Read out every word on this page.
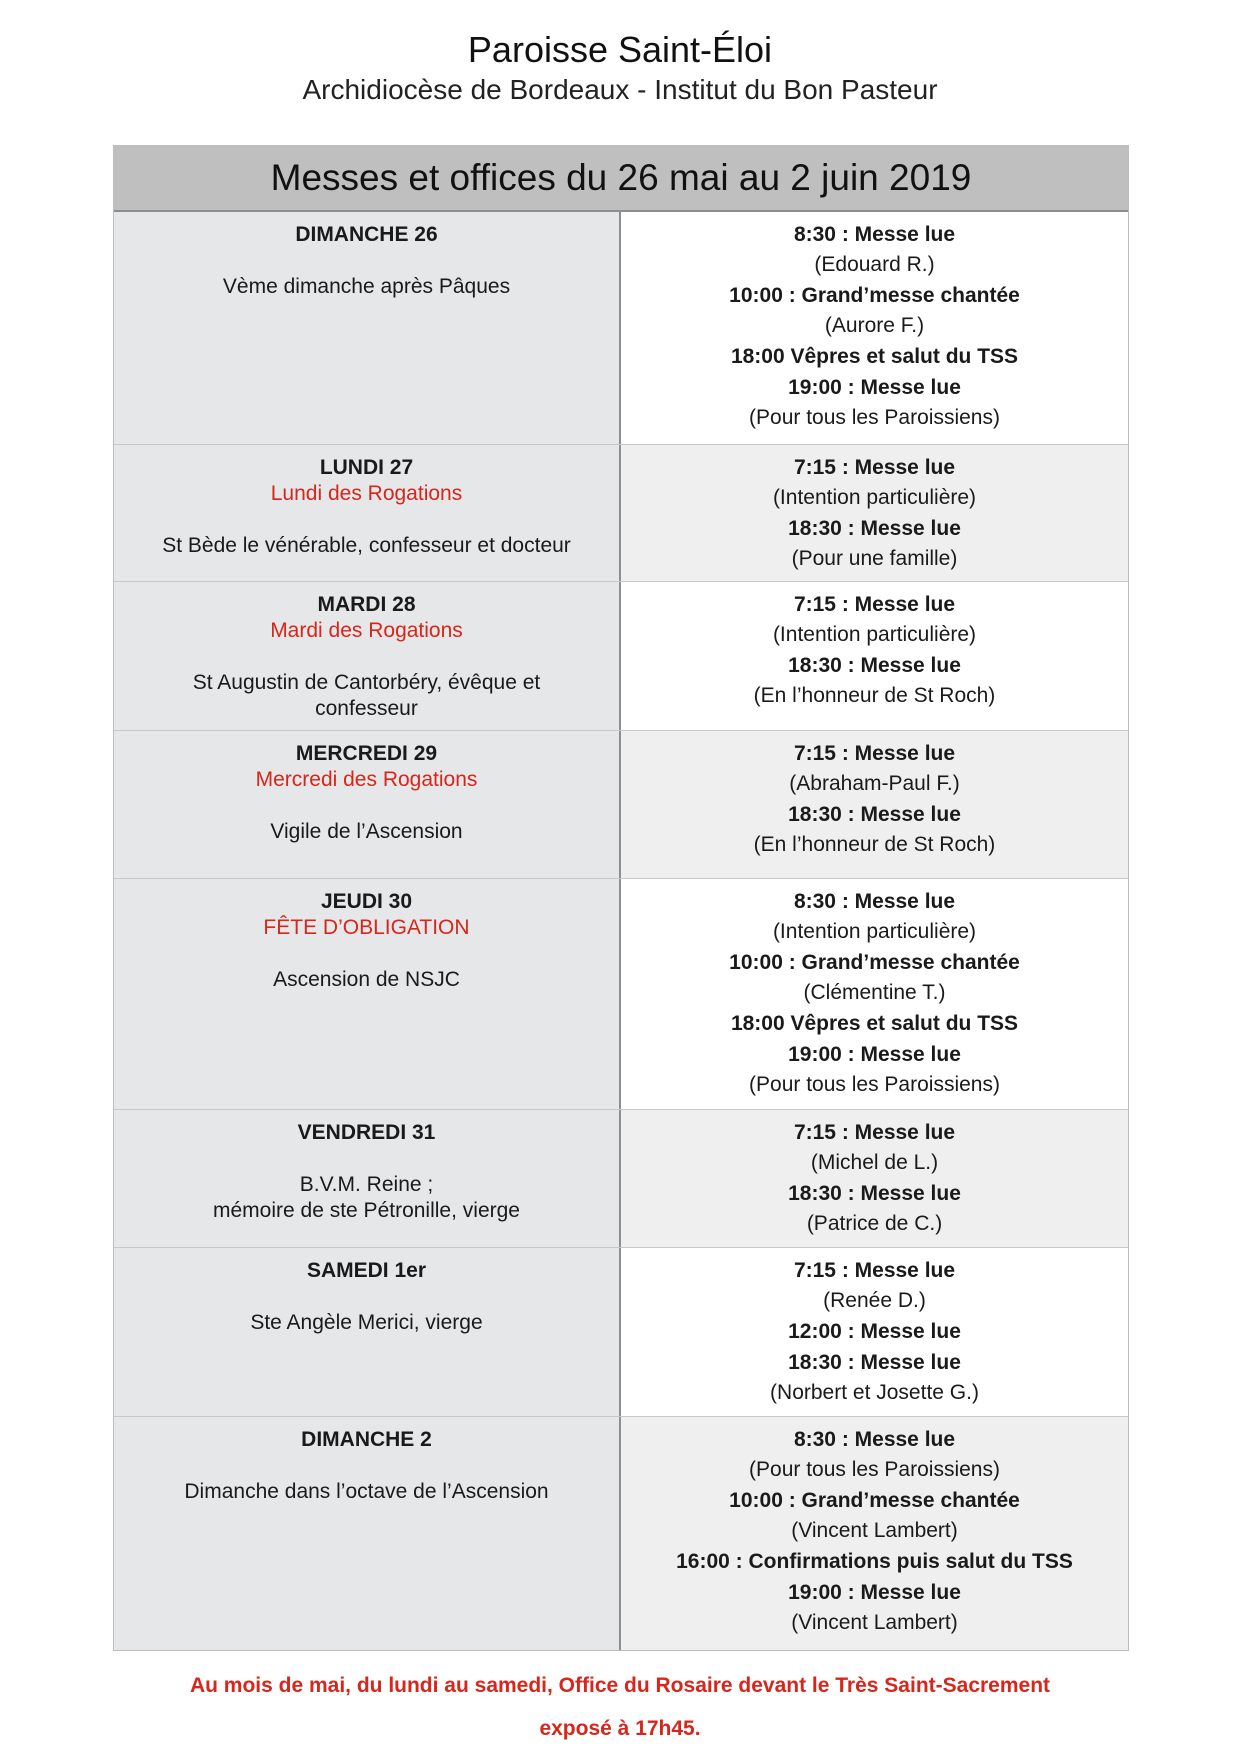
Paroisse Saint-Éloi
Archidiocèse de Bordeaux - Institut du Bon Pasteur
Messes et offices du 26 mai au 2 juin 2019
DIMANCHE 26
Vème dimanche après Pâques
8:30 : Messe lue
(Edouard R.)
10:00 : Grand’messe chantée
(Aurore F.)
18:00 Vêpres et salut du TSS
19:00 : Messe lue
(Pour tous les Paroissiens)
LUNDI 27
Lundi des Rogations
St Bède le vénérable, confesseur et docteur
7:15 : Messe lue
(Intention particulière)
18:30 : Messe lue
(Pour une famille)
MARDI 28
Mardi des Rogations
St Augustin de Cantorbéry, évêque et
confesseur
7:15 : Messe lue
(Intention particulière)
18:30 : Messe lue
(En l’honneur de St Roch)
MERCREDI 29
Mercredi des Rogations
Vigile de l’Ascension
7:15 : Messe lue
(Abraham-Paul F.)
18:30 : Messe lue
(En l’honneur de St Roch)
JEUDI 30
FÊTE D’OBLIGATION
Ascension de NSJC
8:30 : Messe lue
(Intention particulière)
10:00 : Grand’messe chantée
(Clémentine T.)
18:00 Vêpres et salut du TSS
19:00 : Messe lue
(Pour tous les Paroissiens)
VENDREDI 31
B.V.M. Reine ;
mémoire de ste Pétronille, vierge
7:15 : Messe lue
(Michel de L.)
18:30 : Messe lue
(Patrice de C.)
SAMEDI 1er
Ste Angèle Merici, vierge
7:15 : Messe lue
(Renée D.)
12:00 : Messe lue
18:30 : Messe lue
(Norbert et Josette G.)
DIMANCHE 2
Dimanche dans l’octave de l’Ascension
8:30 : Messe lue
(Pour tous les Paroissiens)
10:00 : Grand’messe chantée
(Vincent Lambert)
16:00 : Confirmations puis salut du TSS
19:00 : Messe lue
(Vincent Lambert)
Au mois de mai, du lundi au samedi, Office du Rosaire devant le Très Saint-Sacrement
exposé à 17h45.
